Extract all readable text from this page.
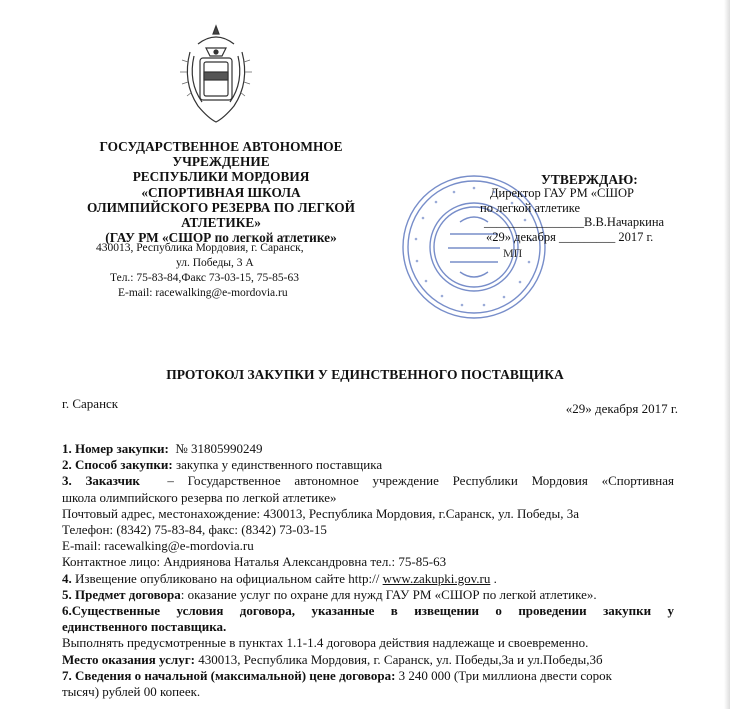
ГОСУДАРСТВЕННОЕ АВТОНОМНОЕ
УЧРЕЖДЕНИЕ
РЕСПУБЛИКИ МОРДОВИЯ
«СПОРТИВНАЯ ШКОЛА
ОЛИМПИЙСКОГО РЕЗЕРВА ПО ЛЕГКОЙ
АТЛЕТИКЕ»
(ГАУ РМ «СШОР по легкой атлетике»
430013, Республика Мордовия, г. Саранск,
ул. Победы, 3 А
Тел.: 75-83-84,Факс 73-03-15, 75-85-63
E-mail: racewalking@e-mordovia.ru
УТВЕРЖДАЮ:
Директор ГАУ РМ «СШОР
по легкой атлетике
________________В.В.Начаркина
«29» декабря _________ 2017 г.
МП
ПРОТОКОЛ ЗАКУПКИ У ЕДИНСТВЕННОГО ПОСТАВЩИКА
г. Саранск	«29» декабря 2017 г.

1. Номер закупки: № 31805990249

2. Способ закупки: закупка у единственного поставщика

3. Заказчик – Государственное автономное учреждение Республики Мордовия «Спортивная

школа олимпийского резерва по легкой атлетике»

Почтовый адрес, местонахождение: 430013, Республика Мордовия, г.Саранск, ул. Победы, 3а

Телефон: (8342) 75-83-84, факс: (8342) 73-03-15

E-mail: racewalking@e-mordovia.ru

Контактное лицо: Андриянова Наталья Александровна тел.: 75-85-63

4. Извещение опубликовано на официальном сайте http:// www.zakupki.gov.ru .

5. Предмет договора: оказание услуг по охране для нужд ГАУ РМ «СШОР по легкой атлетике».

6.Существенные условия договора, указанные в извещении о проведении закупки у

единственного поставщика.

Выполнять предусмотренные в пунктах 1.1-1.4 договора действия надлежаще и своевременно.

Место оказания услуг: 430013, Республика Мордовия, г. Саранск, ул. Победы,3а и ул.Победы,3б

7. Сведения о начальной (максимальной) цене договора: 3 240 000 (Три миллиона двести сорок

тысяч) рублей 00 копеек.
